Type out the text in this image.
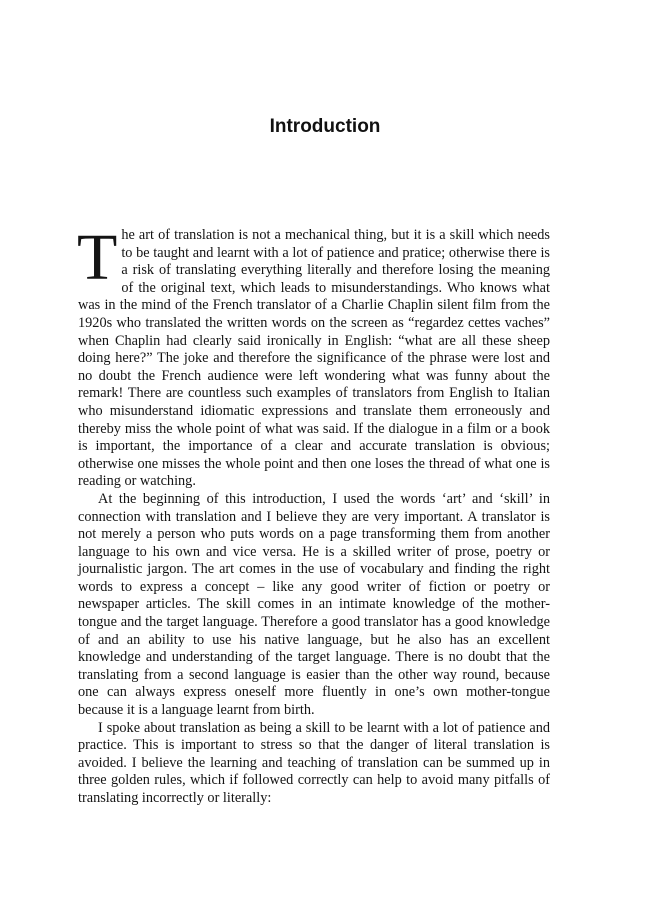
Introduction

The art of translation is not a mechanical thing, but it is a skill which needs to be taught and learnt with a lot of patience and pratice; otherwise there is a risk of translating everything literally and therefore losing the meaning of the original text, which leads to misunderstandings. Who knows what was in the mind of the French translator of a Charlie Chaplin silent film from the 1920s who translated the written words on the screen as “regardez cettes vaches” when Chaplin had clearly said ironically in English: “what are all these sheep doing here?” The joke and therefore the significance of the phrase were lost and no doubt the French audience were left wondering what was funny about the remark! There are countless such examples of translators from English to Italian who misunderstand idiomatic expressions and translate them erroneously and thereby miss the whole point of what was said. If the dialogue in a film or a book is important, the importance of a clear and accurate translation is obvious; otherwise one misses the whole point and then one loses the thread of what one is reading or watching.

At the beginning of this introduction, I used the words ‘art’ and ‘skill’ in connection with translation and I believe they are very important. A translator is not merely a person who puts words on a page transforming them from another language to his own and vice versa. He is a skilled writer of prose, poetry or journalistic jargon. The art comes in the use of vocabulary and finding the right words to express a concept – like any good writer of fiction or poetry or newspaper articles. The skill comes in an intimate knowledge of the mother-tongue and the target language. Therefore a good translator has a good knowledge of and an ability to use his native language, but he also has an excellent knowledge and understanding of the target language. There is no doubt that the translating from a second language is easier than the other way round, because one can always express oneself more fluently in one’s own mother-tongue because it is a language learnt from birth.

I spoke about translation as being a skill to be learnt with a lot of patience and practice. This is important to stress so that the danger of literal translation is avoided. I believe the learning and teaching of translation can be summed up in three golden rules, which if followed correctly can help to avoid many pitfalls of translating incorrectly or literally:
